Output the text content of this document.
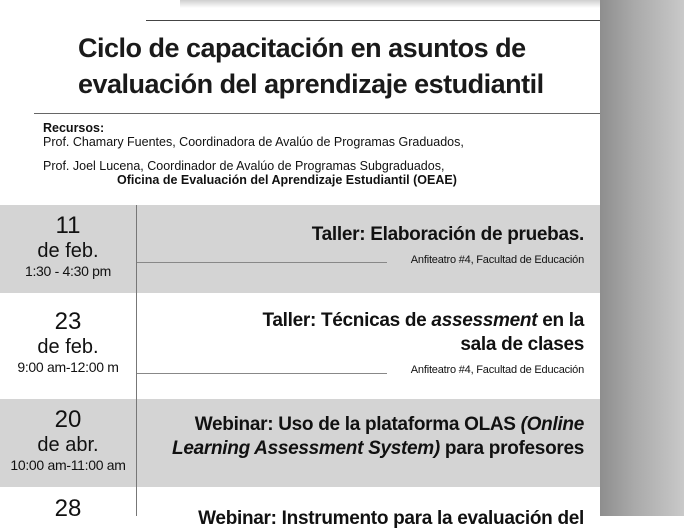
Ciclo de capacitación en asuntos de
evaluación del aprendizaje estudiantil
Recursos:
Prof. Chamary Fuentes, Coordinadora de Avalúo de Programas Graduados,
Prof. Joel Lucena, Coordinador de Avalúo de Programas Subgraduados,
Oficina de Evaluación del Aprendizaje Estudiantil (OEAE)
11
de feb.
1:30 - 4:30 pm
Taller: Elaboración de pruebas.
Anfiteatro #4, Facultad de Educación
23
de feb.
9:00 am-12:00 m
Taller: Técnicas de assessment en la
sala de clases
Anfiteatro #4, Facultad de Educación
20
de abr.
10:00 am-11:00 am
Webinar: Uso de la plataforma OLAS (Online
Learning Assessment System) para profesores
28	Webinar: Instrumento para la evaluación del
